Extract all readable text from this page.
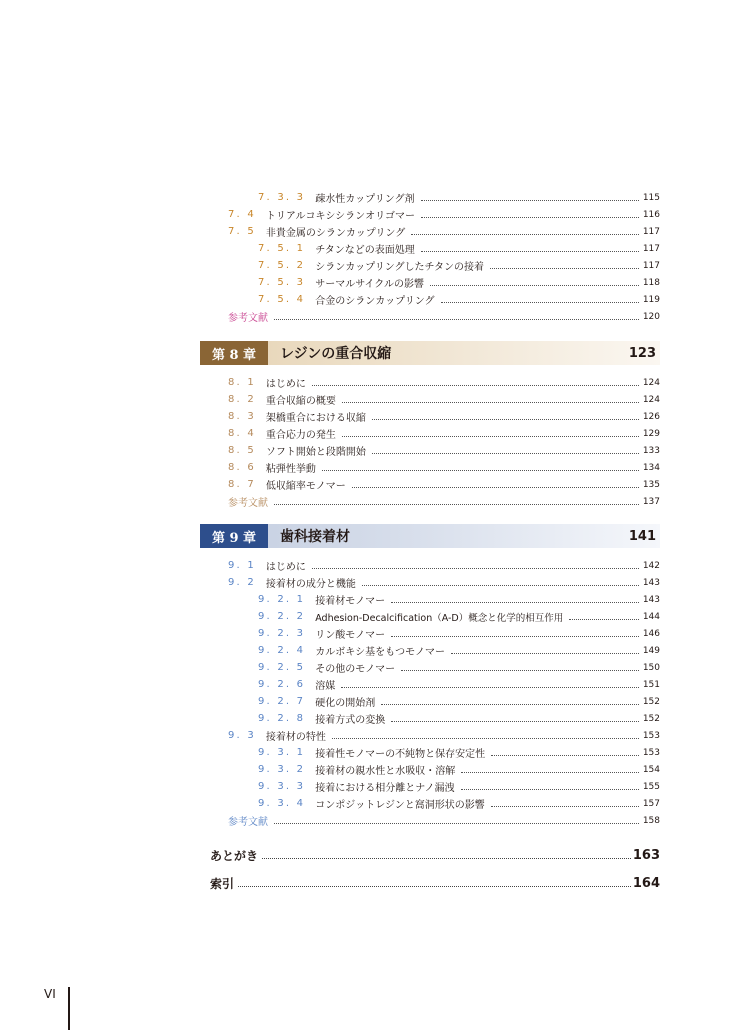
7. 3. 3 疎水性カップリング剤	115
7. 4 トリアルコキシシランオリゴマー	116
7. 5 非貴金属のシランカップリング	117
7. 5. 1 チタンなどの表面処理	117
7. 5. 2 シランカップリングしたチタンの接着	117
7. 5. 3 サーマルサイクルの影響	118
7. 5. 4 合金のシランカップリング	119
参考文献	120
第 8 章	レジンの重合収縮	123
8. 1 はじめに	124
8. 2 重合収縮の概要	124
8. 3 架橋重合における収縮	126
8. 4 重合応力の発生	129
8. 5 ソフト開始と段階開始	133
8. 6 粘弾性挙動	134
8. 7 低収縮率モノマー	135
参考文献	137
第 9 章	歯科接着材	141
9. 1 はじめに	142
9. 2 接着材の成分と機能	143
9. 2. 1 接着材モノマー	143
9. 2. 2 Adhesion-Decalcification（A-D）概念と化学的相互作用	144
9. 2. 3 リン酸モノマー	146
9. 2. 4 カルボキシ基をもつモノマー	149
9. 2. 5 その他のモノマー	150
9. 2. 6 溶媒	151
9. 2. 7 硬化の開始剤	152
9. 2. 8 接着方式の変換	152
9. 3 接着材の特性	153
9. 3. 1 接着性モノマーの不純物と保存安定性	153
9. 3. 2 接着材の親水性と水吸収・溶解	154
9. 3. 3 接着における相分離とナノ漏洩	155
9. 3. 4 コンポジットレジンと窩洞形状の影響	157
参考文献	158
あとがき	163
索引	164
VI
